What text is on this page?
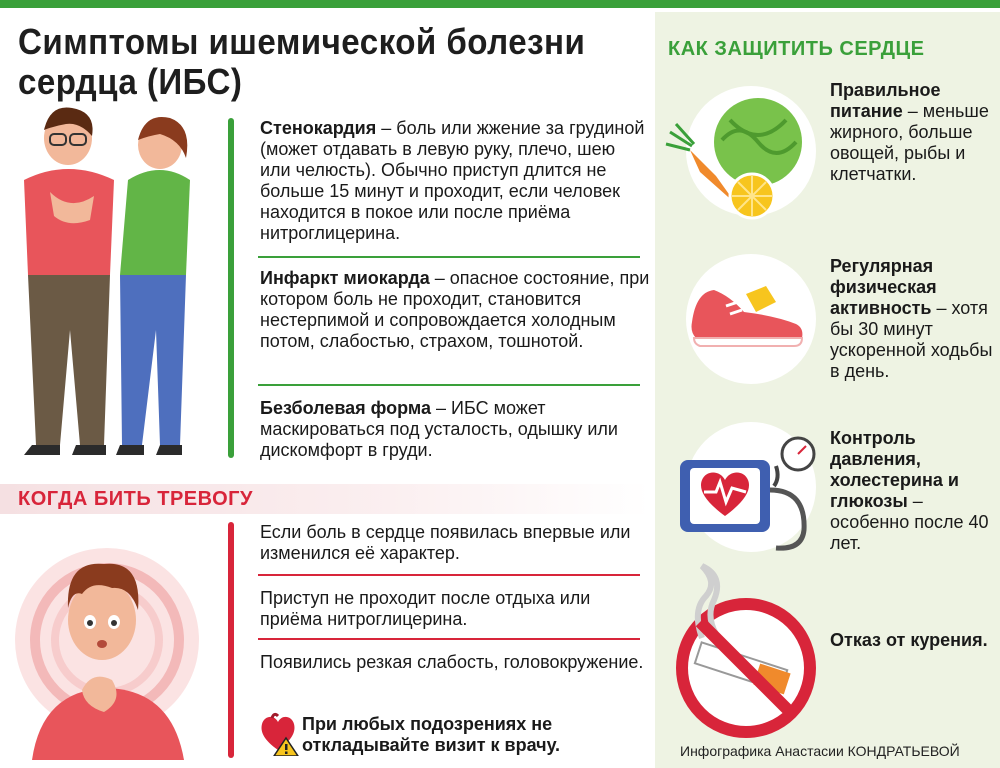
Симптомы ишемической болезни сердца (ИБС)

Стенокардия – боль или жжение за грудиной (может отдавать в левую руку, плечо, шею или челюсть). Обычно приступ длится не больше 15 минут и проходит, если человек находится в покое или после приёма нитроглицерина.

Инфаркт миокарда – опасное состояние, при котором боль не проходит, становится нестерпимой и сопровождается холодным потом, слабостью, страхом, тошнотой.

Безболевая форма – ИБС может маскироваться под усталость, одышку или дискомфорт в груди.

КОГДА БИТЬ ТРЕВОГУ

Если боль в сердце появилась впервые или изменился её характер.

Приступ не проходит после отдыха или приёма нитроглицерина.

Появились резкая слабость, головокружение.

При любых подозрениях не откладывайте визит к врачу.

КАК ЗАЩИТИТЬ СЕРДЦЕ

Правильное питание – меньше жирного, больше овощей, рыбы и клетчатки.

Регулярная физическая активность – хотя бы 30 минут ускоренной ходьбы в день.

Контроль давления, холестерина и глюкозы – особенно после 40 лет.

Отказ от курения.

Инфографика Анастасии КОНДРАТЬЕВОЙ
